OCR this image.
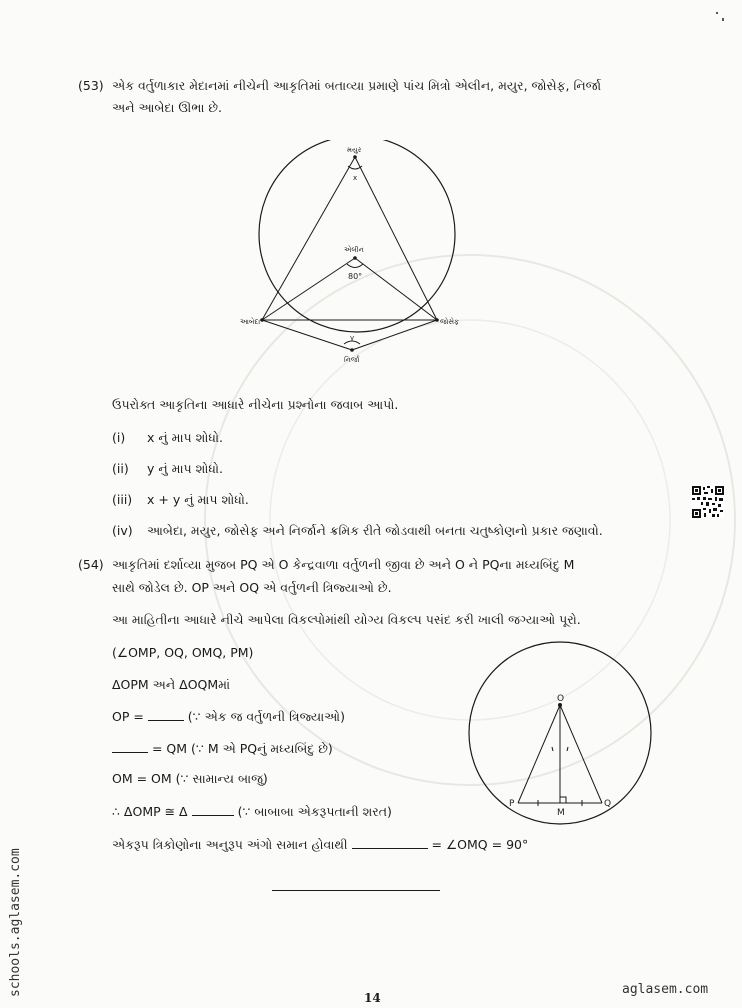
(53) એક વર્તુળાકાર મેદાનમાં નીચેની આકૃતિમાં બતાવ્યા પ્રમાણે પાંચ મિત્રો એલીન, મયુર, જોસેફ, નિર્જા
અને આબેદા ઊભા છે.
મયુર
x
એલીન
80°
આબેદા	જોસેફ
y
નિર્જા
ઉપરોક્ત આકૃતિના આધારે નીચેના પ્રશ્નોના જવાબ આપો.
(i) x નું માપ શોધો.
(ii) y નું માપ શોધો.
(iii) x + y નું માપ શોધો.
(iv) આબેદા, મયુર, જોસેફ અને નિર્જાને ક્રમિક રીતે જોડવાથી બનતા ચતુષ્કોણનો પ્રકાર જણાવો.
(54) આકૃતિમાં દર્શાવ્યા મુજબ PQ એ O કેન્દ્રવાળા વર્તુળની જીવા છે અને O ને PQના મધ્યબિંદુ M
સાથે જોડેલ છે. OP અને OQ એ વર્તુળની ત્રિજ્યાઓ છે.
આ માહિતીના આધારે નીચે આપેલા વિકલ્પોમાંથી યોગ્ય વિકલ્પ પસંદ કરી ખાલી જગ્યાઓ પૂરો.
(∠OMP, OQ, OMQ, PM)
ΔOPM અને ΔOQMમાં
OP =	(∵ એક જ વર્તુળની ત્રિજ્યાઓ)
= QM (∵ M એ PQનું મધ્યબિંદુ છે)
OM = OM (∵ સામાન્ય બાજુ)
∴ ΔOMP ≅ Δ	(∵ બાબાબા એકરૂપતાની શરત)
એકરૂપ ત્રિકોણોના અનુરૂપ અંગો સમાન હોવાથી	= ∠OMQ = 90°
O
P
M
Q
14
schools.aglasem.com	aglasem.com
